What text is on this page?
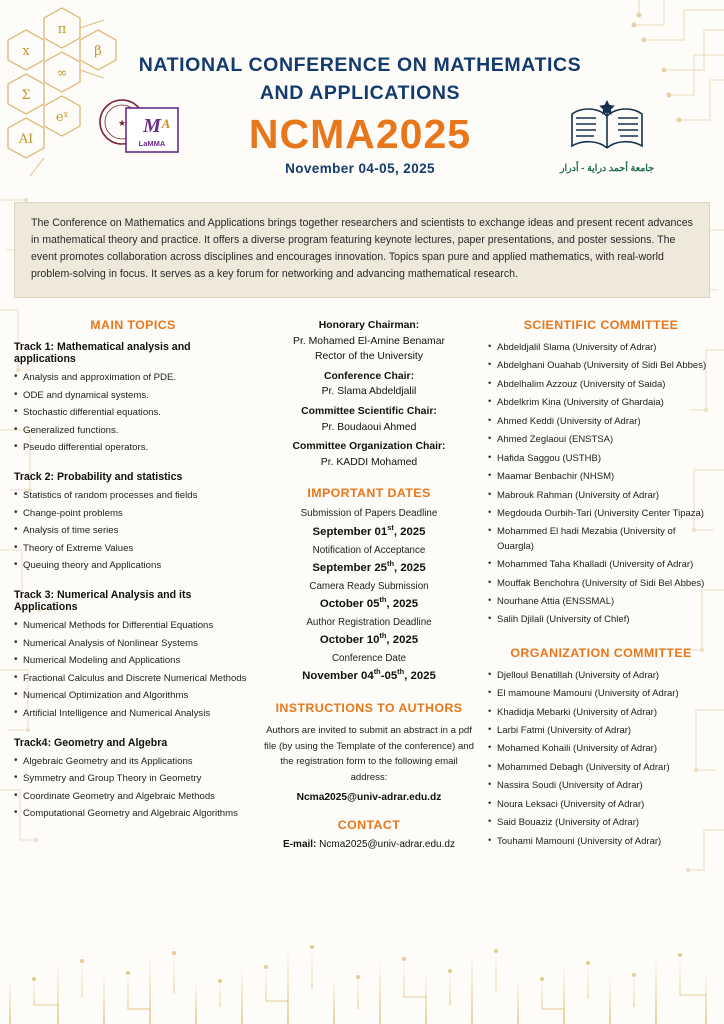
π
x
∞
Σ
$e^x$
AI
β
NATIONAL CONFERENCE ON MATHEMATICS AND APPLICATIONS
NCMA2025
November 04-05, 2025
★ M A
LaMMA
جامعة أحمد دراية - أدرار
The Conference on Mathematics and Applications brings together researchers and scientists to exchange ideas and present recent advances in mathematical theory and practice. It offers a diverse program featuring keynote lectures, paper presentations, and poster sessions. The event promotes collaboration across disciplines and encourages innovation. Topics span pure and applied mathematics, with real-world problem-solving in focus. It serves as a key forum for networking and advancing mathematical research.
MAIN TOPICS
Track 1: Mathematical analysis and applications
• Analysis and approximation of PDE.
• ODE and dynamical systems.
• Stochastic differential equations.
• Generalized functions.
• Pseudo differential operators.
Track 2: Probability and statistics
• Statistics of random processes and fields
• Change-point problems
• Analysis of time series
• Theory of Extreme Values
• Queuing theory and Applications
Track 3: Numerical Analysis and its Applications
• Numerical Methods for Differential Equations
• Numerical Analysis of Nonlinear Systems
• Numerical Modeling and Applications
• Fractional Calculus and Discrete Numerical Methods
• Numerical Optimization and Algorithms
• Artificial Intelligence and Numerical Analysis
Track4: Geometry and Algebra
• Algebraic Geometry and its Applications
• Symmetry and Group Theory in Geometry
• Coordinate Geometry and Algebraic Methods
• Computational Geometry and Algebraic Algorithms
Honorary Chairman:
Pr. Mohamed El-Amine Benamar
Rector of the University
Conference Chair:
Pr. Slama Abdeldjalil
Committee Scientific Chair:
Pr. Boudaoui Ahmed
Committee Organization Chair:
Pr. KADDI Mohamed
IMPORTANT DATES
Submission of Papers Deadline
September 01st, 2025
Notification of Acceptance
September 25th, 2025
Camera Ready Submission
October 05th, 2025
Author Registration Deadline
October 10th, 2025
Conference Date
November 04th-05th, 2025
INSTRUCTIONS TO AUTHORS
Authors are invited to submit an abstract in a pdf file (by using the Template of the conference) and the registration form to the following email address:
Ncma2025@univ-adrar.edu.dz
CONTACT
E-mail: Ncma2025@univ-adrar.edu.dz
SCIENTIFIC COMMITTEE
• Abdeldjalil Slama (University of Adrar)
• Abdelghani Ouahab (University of Sidi Bel Abbes)
• Abdelhalim Azzouz (University of Saida)
• Abdelkrim Kina (University of Ghardaia)
• Ahmed Keddi (University of Adrar)
• Ahmed Zeglaoui (ENSTSA)
• Hafida Saggou (USTHB)
• Maamar Benbachir (NHSM)
• Mabrouk Rahman (University of Adrar)
• Megdouda Ourbih-Tari (University Center Tipaza)
• Mohammed El hadi Mezabia (University of Ouargla)
• Mohammed Taha Khalladi (University of Adrar)
• Mouffak Benchohra (University of Sidi Bel Abbes)
• Nourhane Attia (ENSSMAL)
• Salih Djilali (University of Chlef)
ORGANIZATION COMMITTEE
• Djelloul Benatillah (University of Adrar)
• El mamoune Mamouni (University of Adrar)
• Khadidja Mebarki (University of Adrar)
• Larbi Fatmi (University of Adrar)
• Mohamed Kohaili (University of Adrar)
• Mohammed Debagh (University of Adrar)
• Nassira Soudi (University of Adrar)
• Noura Leksaci (University of Adrar)
• Said Bouaziz (University of Adrar)
• Touhami Mamouni (University of Adrar)
